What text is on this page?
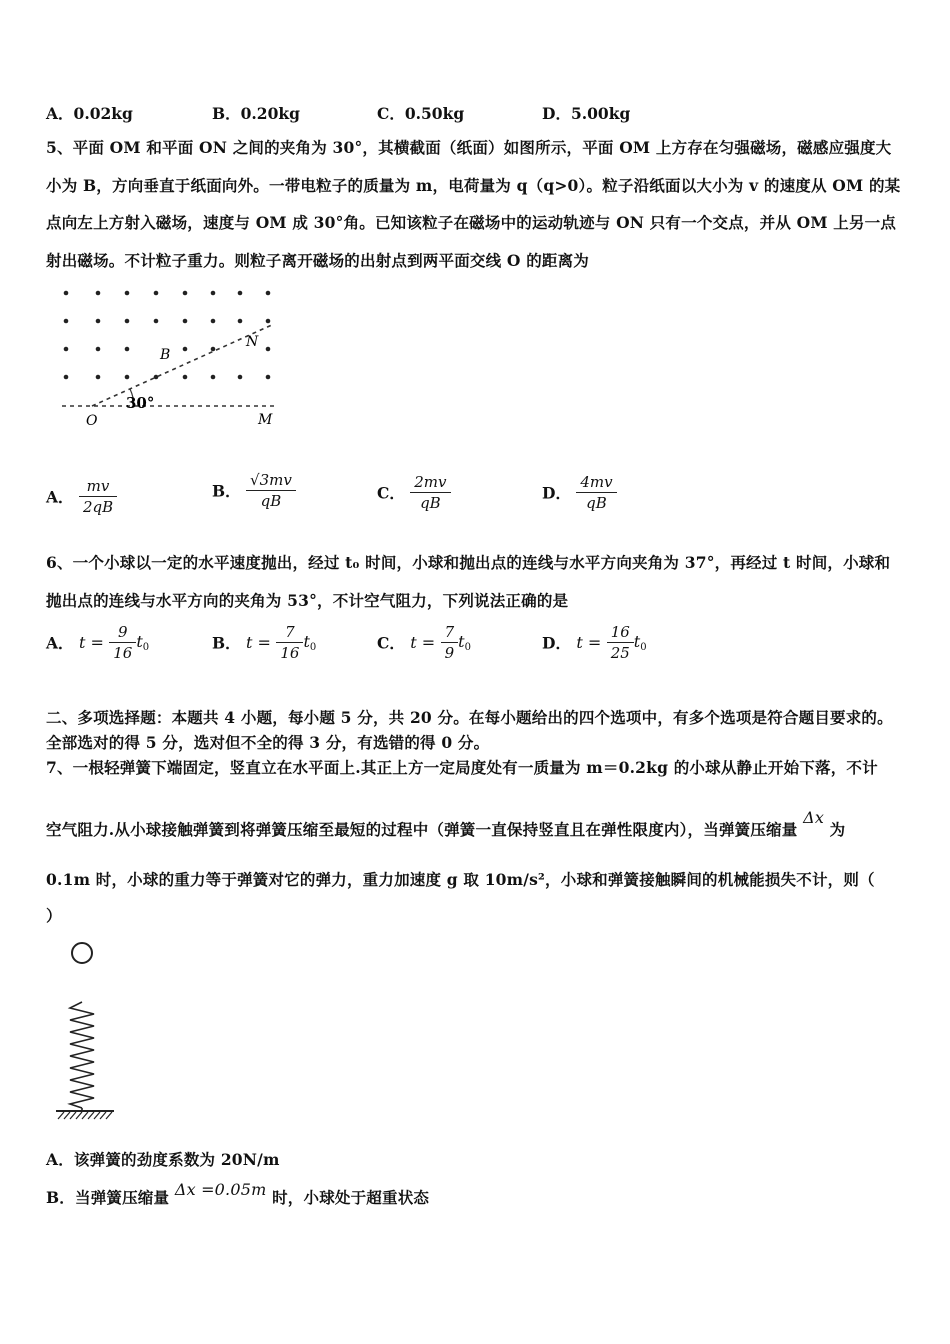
A．0.02kg	B．0.20kg	C．0.50kg	D．5.00kg
5、平面 OM 和平面 ON 之间的夹角为 30°，其横截面（纸面）如图所示，平面 OM 上方存在匀强磁场，磁感应强度大
小为 B，方向垂直于纸面向外。一带电粒子的质量为 m，电荷量为 q（q>0）。粒子沿纸面以大小为 v 的速度从 OM 的某
点向左上方射入磁场，速度与 OM 成 30°角。已知该粒子在磁场中的运动轨迹与 ON 只有一个交点，并从 OM 上另一点
射出磁场。不计粒子重力。则粒子离开磁场的出射点到两平面交线 O 的距离为
30°
B
N
O	M
A． $\frac{mv}{2qB}$	B． $\frac{√3mv}{qB}$	C． $\frac{2mv}{qB}$	D． $\frac{4mv}{qB}$
6、一个小球以一定的水平速度抛出，经过 t₀ 时间，小球和抛出点的连线与水平方向夹角为 37°，再经过 t 时间，小球和
抛出点的连线与水平方向的夹角为 53°，不计空气阻力，下列说法正确的是
A． $t = \frac{9}{16} t_0$	B． $t = \frac{7}{16} t_0$	C． $t = \frac{7}{9} t_0$	D． $t = \frac{16}{25} t_0$
二、多项选择题：本题共 4 小题，每小题 5 分，共 20 分。在每小题给出的四个选项中，有多个选项是符合题目要求的。
全部选对的得 5 分，选对但不全的得 3 分，有选错的得 0 分。
7、一根轻弹簧下端固定，竖直立在水平面上.其正上方一定局度处有一质量为 m＝0.2kg 的小球从静止开始下落，不计
空气阻力.从小球接触弹簧到将弹簧压缩至最短的过程中（弹簧一直保持竖直且在弹性限度内），当弹簧压缩量 Δx 为
0.1m 时，小球的重力等于弹簧对它的弹力，重力加速度 g 取 10m/s²，小球和弹簧接触瞬间的机械能损失不计，则（
）
A．该弹簧的劲度系数为 20N/m
B．当弹簧压缩量 Δx =0.05m 时，小球处于超重状态
